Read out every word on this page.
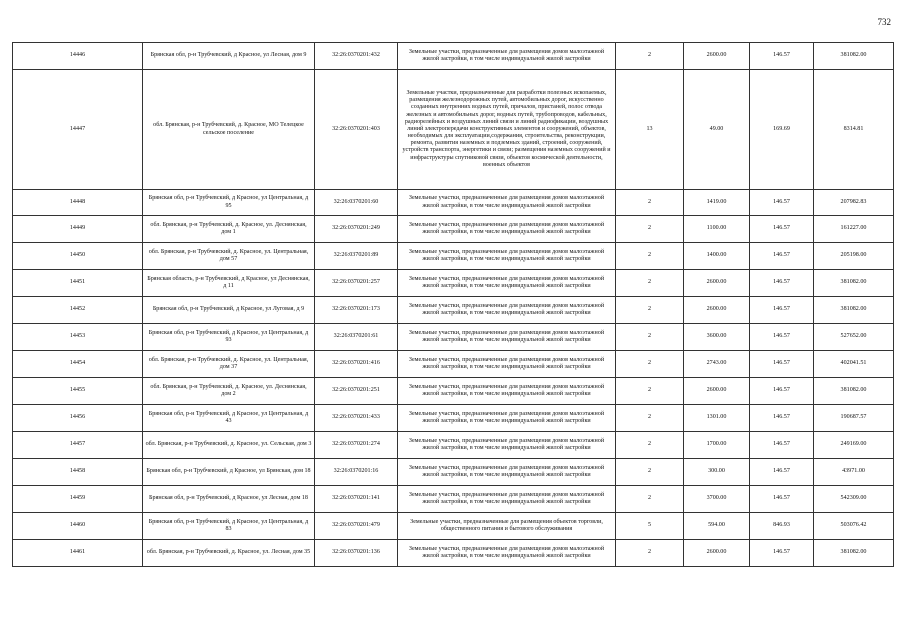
732
14446	Брянская обл, р-н Трубчевский, д Красное, ул Лесная, дом 9	32:26:0370201:432	Земельные участки, предназначенные для размещения домов малоэтажной жилой застройки, в том числе индивидуальной жилой застройки	2	2600.00	146.57	381082.00
14447	обл. Брянская, р-н Трубчевский, д. Красное, МО Телецкое сельское поселение	32:26:0370201:403	Земельные участки, предназначенные для разработки полезных ископаемых, размещения железнодорожных путей, автомобильных дорог, искусственно созданных внутренних водных путей, причалов, пристаней, полос отвода железных и автомобильных дорог, водных путей, трубопроводов, кабельных, радиорелейных и воздушных линий связи и линий радиофикации, воздушных линий электропередачи конструктивных элементов и сооружений, объектов, необходимых для эксплуатации,содержания, строительства, реконструкции, ремонта, развития наземных и подземных зданий, строений, сооружений, устройств транспорта, энергетики и связи; размещения наземных сооружений и инфраструктуры спутниковой связи, объектов космической деятельности, военных объектов	13	49.00	169.69	8314.81
14448	Брянская обл, р-н Трубчевский, д Красное, ул Центральная, д 95	32:26:0370201:60	Земельные участки, предназначенные для размещения домов малоэтажной жилой застройки, в том числе индивидуальной жилой застройки	2	1419.00	146.57	207982.83
14449	обл. Брянская, р-н Трубчевский, д. Красное, ул. Деснянская, дом 1	32:26:0370201:249	Земельные участки, предназначенные для размещения домов малоэтажной жилой застройки, в том числе индивидуальной жилой застройки	2	1100.00	146.57	161227.00
14450	обл. Брянская, р-н Трубчевский, д. Красное, ул. Центральная, дом 57	32:26:0370201:89	Земельные участки, предназначенные для размещения домов малоэтажной жилой застройки, в том числе индивидуальной жилой застройки	2	1400.00	146.57	205198.00
14451	Брянская область, р-н Трубчевский, д Красное, ул Деснянская, д 11	32:26:0370201:257	Земельные участки, предназначенные для размещения домов малоэтажной жилой застройки, в том числе индивидуальной жилой застройки	2	2600.00	146.57	381082.00
14452	Брянская обл, р-н Трубчевский, д Красное, ул Луговая, д 9	32:26:0370201:173	Земельные участки, предназначенные для размещения домов малоэтажной жилой застройки, в том числе индивидуальной жилой застройки	2	2600.00	146.57	381082.00
14453	Брянская обл, р-н Трубчевский, д Красное, ул Центральная, д 93	32:26:0370201:61	Земельные участки, предназначенные для размещения домов малоэтажной жилой застройки, в том числе индивидуальной жилой застройки	2	3600.00	146.57	527652.00
14454	обл. Брянская, р-н Трубчевский, д. Красное, ул. Центральная, дом 37	32:26:0370201:416	Земельные участки, предназначенные для размещения домов малоэтажной жилой застройки, в том числе индивидуальной жилой застройки	2	2743.00	146.57	402041.51
14455	обл. Брянская, р-н Трубчевский, д. Красное, ул. Деснянская, дом 2	32:26:0370201:251	Земельные участки, предназначенные для размещения домов малоэтажной жилой застройки, в том числе индивидуальной жилой застройки	2	2600.00	146.57	381082.00
14456	Брянская обл, р-н Трубчевский, д Красное, ул Центральная, д 43	32:26:0370201:433	Земельные участки, предназначенные для размещения домов малоэтажной жилой застройки, в том числе индивидуальной жилой застройки	2	1301.00	146.57	190687.57
14457	обл. Брянская, р-н Трубчевский, д. Красное, ул. Сельская, дом 3	32:26:0370201:274	Земельные участки, предназначенные для размещения домов малоэтажной жилой застройки, в том числе индивидуальной жилой застройки	2	1700.00	146.57	249169.00
14458	Брянская обл, р-н Трубчевский, д Красное, ул Брянская, дом 18	32:26:0370201:16	Земельные участки, предназначенные для размещения домов малоэтажной жилой застройки, в том числе индивидуальной жилой застройки	2	300.00	146.57	43971.00
14459	Брянская обл, р-н Трубчевский, д Красное, ул Лесная, дом 18	32:26:0370201:141	Земельные участки, предназначенные для размещения домов малоэтажной жилой застройки, в том числе индивидуальной жилой застройки	2	3700.00	146.57	542309.00
14460	Брянская обл, р-н Трубчевский, д Красное, ул Центральная, д 83	32:26:0370201:479	Земельные участки, предназначенные для размещения объектов торговли, общественного питания и бытового обслуживания	5	594.00	846.93	503076.42
14461	обл. Брянская, р-н Трубчевский, д. Красное, ул. Лесная, дом 35	32:26:0370201:136	Земельные участки, предназначенные для размещения домов малоэтажной жилой застройки, в том числе индивидуальной жилой застройки	2	2600.00	146.57	381082.00
